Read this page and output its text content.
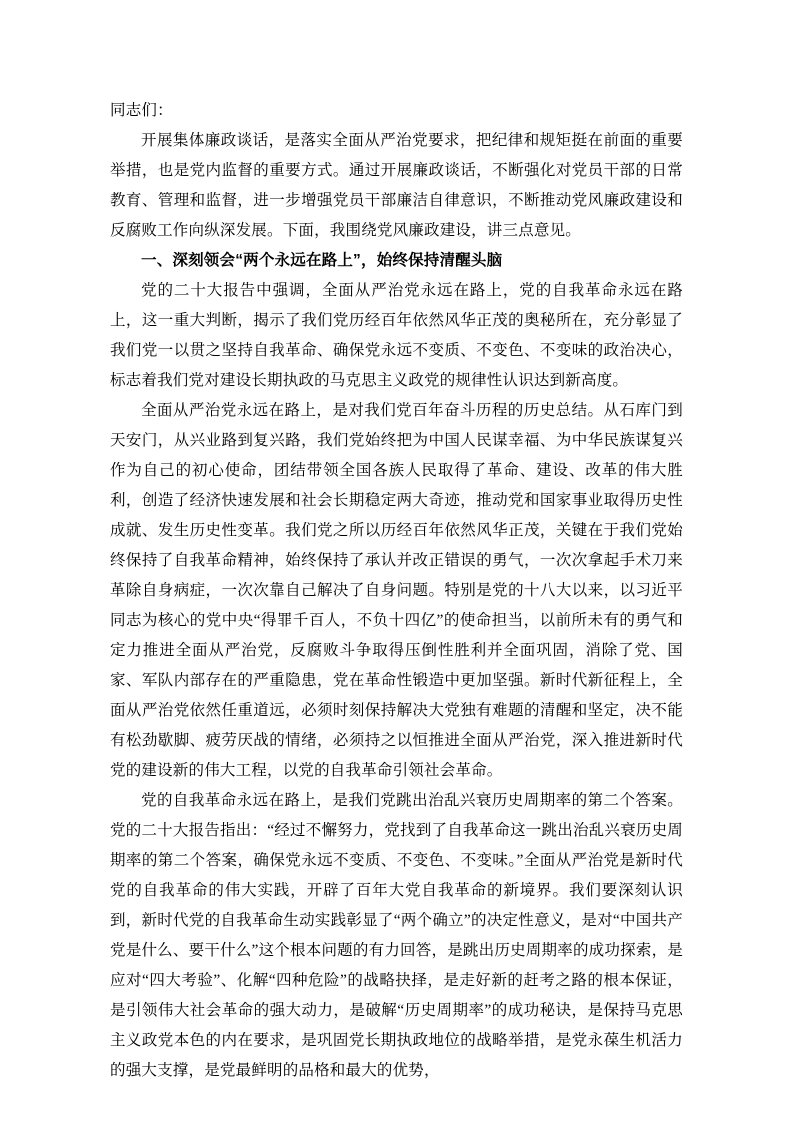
同志们：

开展集体廉政谈话，是落实全面从严治党要求，把纪律和规矩挺在前面的重要举措，也是党内监督的重要方式。通过开展廉政谈话，不断强化对党员干部的日常教育、管理和监督，进一步增强党员干部廉洁自律意识，不断推动党风廉政建设和反腐败工作向纵深发展。下面，我围绕党风廉政建设，讲三点意见。

一、深刻领会“两个永远在路上”，始终保持清醒头脑

党的二十大报告中强调，全面从严治党永远在路上，党的自我革命永远在路上，这一重大判断，揭示了我们党历经百年依然风华正茂的奥秘所在，充分彰显了我们党一以贯之坚持自我革命、确保党永远不变质、不变色、不变味的政治决心，标志着我们党对建设长期执政的马克思主义政党的规律性认识达到新高度。

全面从严治党永远在路上，是对我们党百年奋斗历程的历史总结。从石库门到天安门，从兴业路到复兴路，我们党始终把为中国人民谋幸福、为中华民族谋复兴作为自己的初心使命，团结带领全国各族人民取得了革命、建设、改革的伟大胜利，创造了经济快速发展和社会长期稳定两大奇迹，推动党和国家事业取得历史性成就、发生历史性变革。我们党之所以历经百年依然风华正茂，关键在于我们党始终保持了自我革命精神，始终保持了承认并改正错误的勇气，一次次拿起手术刀来革除自身病症，一次次靠自己解决了自身问题。特别是党的十八大以来，以习近平同志为核心的党中央“得罪千百人，不负十四亿”的使命担当，以前所未有的勇气和定力推进全面从严治党，反腐败斗争取得压倒性胜利并全面巩固，消除了党、国家、军队内部存在的严重隐患，党在革命性锻造中更加坚强。新时代新征程上，全面从严治党依然任重道远，必须时刻保持解决大党独有难题的清醒和坚定，决不能有松劲歇脚、疲劳厌战的情绪，必须持之以恒推进全面从严治党，深入推进新时代党的建设新的伟大工程，以党的自我革命引领社会革命。

党的自我革命永远在路上，是我们党跳出治乱兴衰历史周期率的第二个答案。党的二十大报告指出：“经过不懈努力，党找到了自我革命这一跳出治乱兴衰历史周期率的第二个答案，确保党永远不变质、不变色、不变味。”全面从严治党是新时代党的自我革命的伟大实践，开辟了百年大党自我革命的新境界。我们要深刻认识到，新时代党的自我革命生动实践彰显了“两个确立”的决定性意义，是对“中国共产党是什么、要干什么”这个根本问题的有力回答，是跳出历史周期率的成功探索，是应对“四大考验”、化解“四种危险”的战略抉择，是走好新的赶考之路的根本保证，是引领伟大社会革命的强大动力，是破解“历史周期率”的成功秘诀，是保持马克思主义政党本色的内在要求，是巩固党长期执政地位的战略举措，是党永葆生机活力的强大支撑，是党最鲜明的品格和最大的优势，
